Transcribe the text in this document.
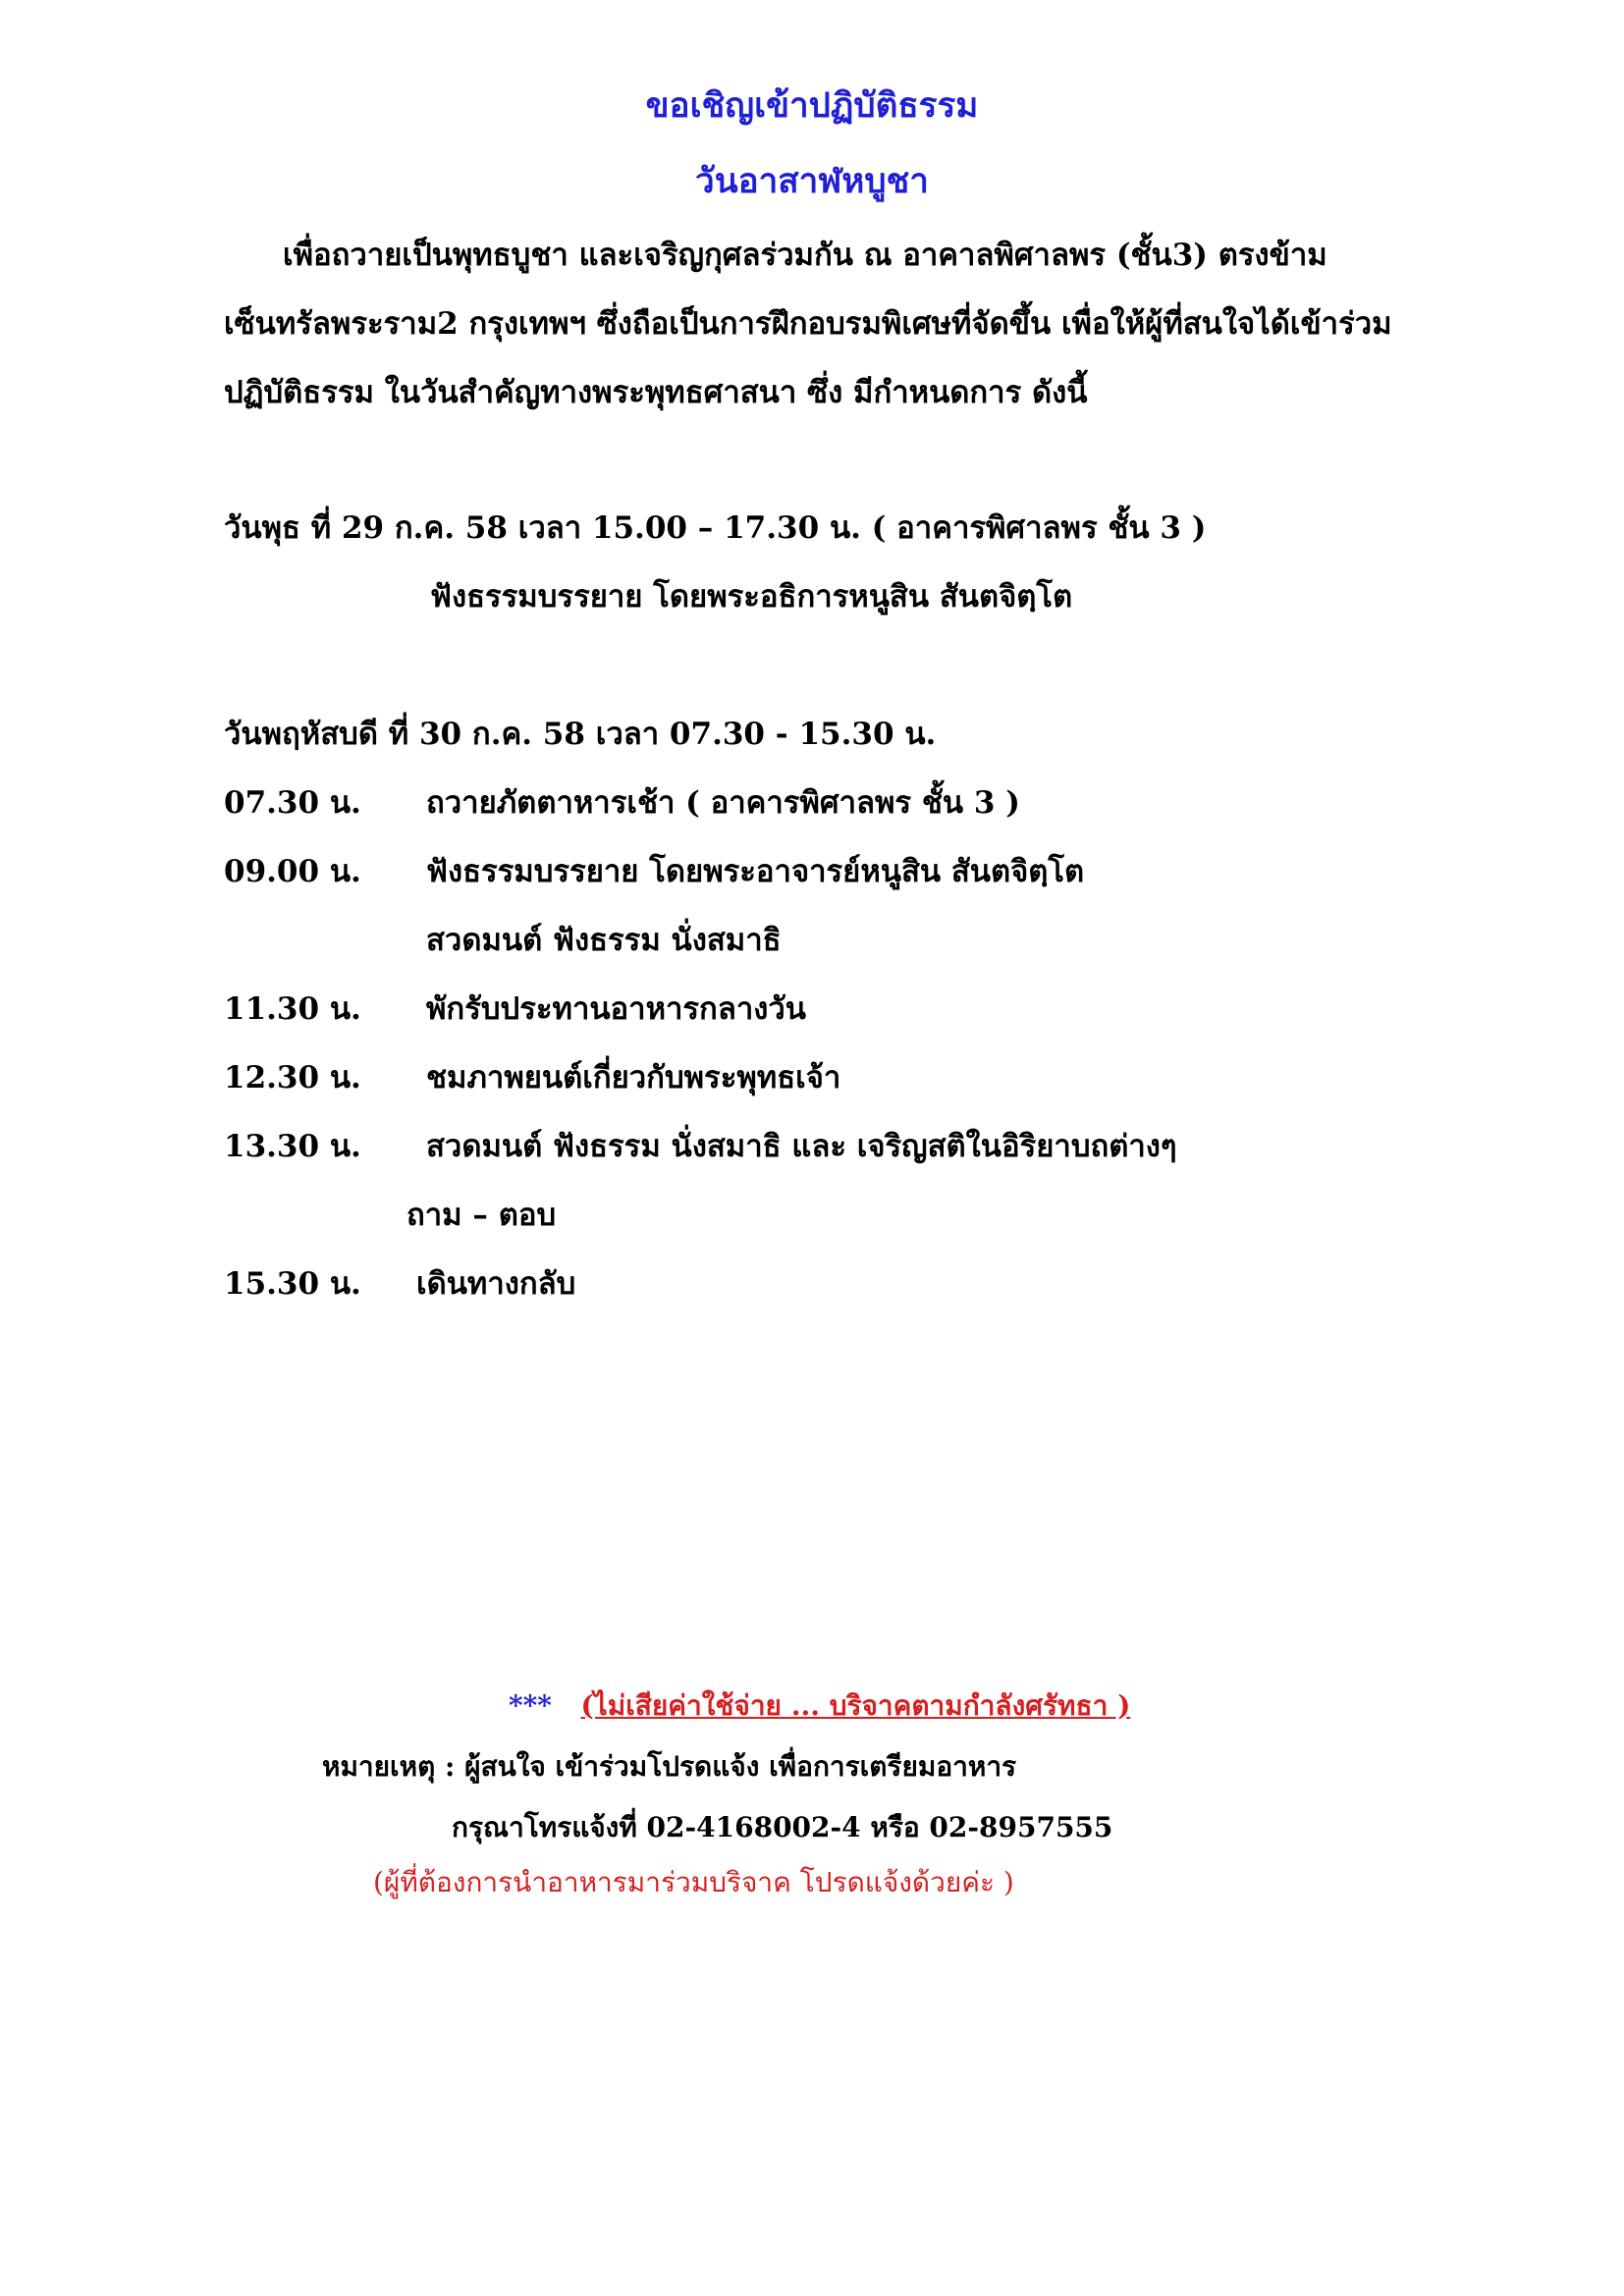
ขอเชิญเข้าปฏิบัติธรรม
วันอาสาฬหบูชา
เพื่อถวายเป็นพุทธบูชา และเจริญกุศลร่วมกัน ณ อาคาลพิศาลพร (ชั้น3) ตรงข้าม
เซ็นทรัลพระราม2 กรุงเทพฯ ซึ่งถือเป็นการฝึกอบรมพิเศษที่จัดขึ้น เพื่อให้ผู้ที่สนใจได้เข้าร่วม
ปฏิบัติธรรม ในวันสำคัญทางพระพุทธศาสนา ซึ่ง มีกำหนดการ ดังนี้
วันพุธ ที่ 29 ก.ค. 58 เวลา 15.00 – 17.30 น. ( อาคารพิศาลพร ชั้น 3 )
ฟังธรรมบรรยาย โดยพระอธิการหนูสิน สันตจิตฺโต
วันพฤหัสบดี ที่ 30 ก.ค. 58 เวลา 07.30 - 15.30 น.
07.30 น. ถวายภัตตาหารเช้า ( อาคารพิศาลพร ชั้น 3 )
09.00 น. ฟังธรรมบรรยาย โดยพระอาจารย์หนูสิน สันตจิตฺโต
สวดมนต์ ฟังธรรม นั่งสมาธิ
11.30 น. พักรับประทานอาหารกลางวัน
12.30 น. ชมภาพยนต์เกี่ยวกับพระพุทธเจ้า
13.30 น. สวดมนต์ ฟังธรรม นั่งสมาธิ และ เจริญสติในอิริยาบถต่างๆ
ถาม – ตอบ
15.30 น. เดินทางกลับ
*** (ไม่เสียค่าใช้จ่าย ... บริจาคตามกำลังศรัทธา )
หมายเหตุ : ผู้สนใจ เข้าร่วมโปรดแจ้ง เพื่อการเตรียมอาหาร
กรุณาโทรแจ้งที่ 02-4168002-4 หรือ 02-8957555
(ผู้ที่ต้องการนำอาหารมาร่วมบริจาค โปรดแจ้งด้วยค่ะ )
